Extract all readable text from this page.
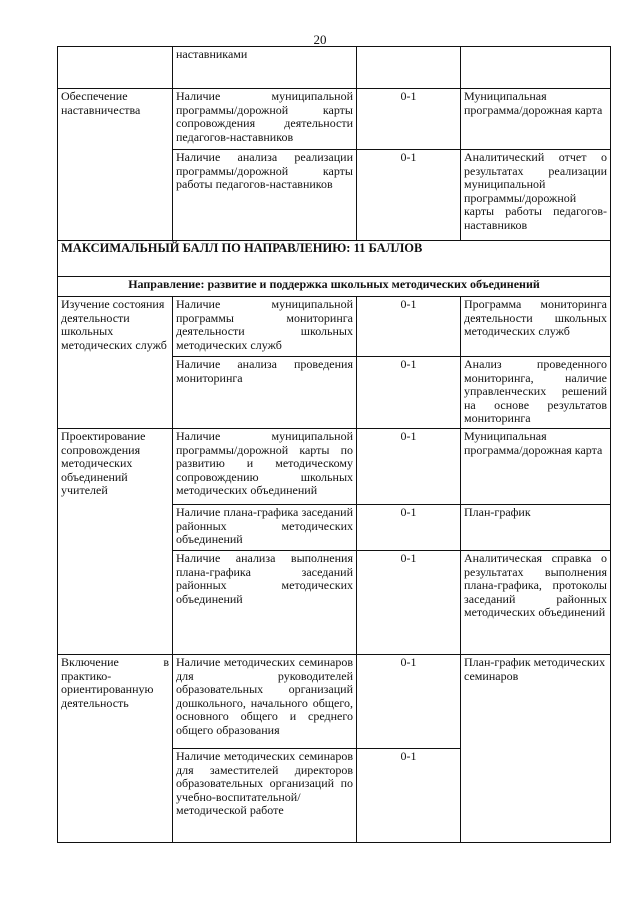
20
	наставниками		
Обеспечение наставничества	Наличие муниципальной программы/дорожной карты сопровождения деятельности педагогов-наставников	0-1	Муниципальная программа/дорожная карта
	Наличие анализа реализации программы/дорожной карты работы педагогов-наставников	0-1	Аналитический отчет о результатах реализации муниципальной программы/дорожной карты работы педагогов-наставников
МАКСИМАЛЬНЫЙ БАЛЛ ПО НАПРАВЛЕНИЮ: 11 БАЛЛОВ			
Направление: развитие и поддержка школьных методических объединений			
Изучение состояния деятельности школьных методических служб	Наличие муниципальной программы мониторинга деятельности школьных методических служб	0-1	Программа мониторинга деятельности школьных методических служб
	Наличие анализа проведения мониторинга	0-1	Анализ проведенного мониторинга, наличие управленческих решений на основе результатов мониторинга
Проектирование сопровождения методических объединений учителей	Наличие муниципальной программы/дорожной карты по развитию и методическому сопровождению школьных методических объединений	0-1	Муниципальная программа/дорожная карта
	Наличие плана-графика заседаний районных методических объединений	0-1	План-график
	Наличие анализа выполнения плана-графика заседаний районных методических объединений	0-1	Аналитическая справка о результатах выполнения плана-графика, протоколы заседаний районных методических объединений
Включение в практико-ориентированную деятельность	Наличие методических семинаров для руководителей образовательных организаций дошкольного, начального общего, основного общего и среднего общего образования	0-1	План-график методических семинаров
	Наличие методических семинаров для заместителей директоров образовательных организаций по учебно-воспитательной/методической работе	0-1	
